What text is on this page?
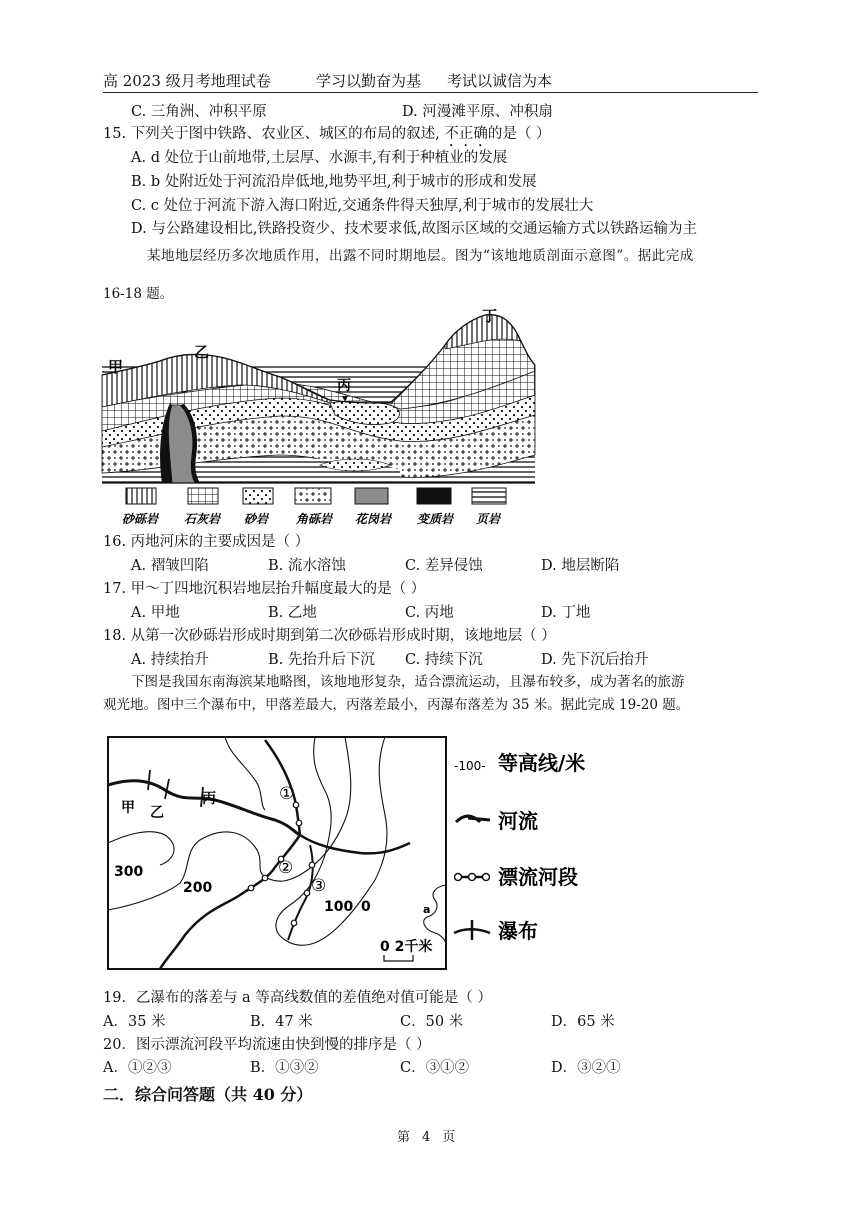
高 2023 级月考地理试卷	学习以勤奋为基 考试以诚信为本
C. 三角洲、冲积平原	D. 河漫滩平原、冲积扇
15. 下列关于图中铁路、农业区、城区的布局的叙述, 不正确的是（ ）
A. d 处位于山前地带,土层厚、水源丰,有利于种植业的发展
B. b 处附近处于河流沿岸低地,地势平坦,利于城市的形成和发展
C. c 处位于河流下游入海口附近,交通条件得天独厚,利于城市的发展壮大
D. 与公路建设相比,铁路投资少、技术要求低,故图示区域的交通运输方式以铁路运输为主
某地地层经历多次地质作用，出露不同时期地层。图为“该地地质剖面示意图”。据此完成
16-18 题。
甲
乙
丙
丁
砂砾岩 石灰岩 砂岩 角砾岩 花岗岩 变质岩 页岩
16. 丙地河床的主要成因是（ ）
A. 褶皱凹陷	B. 流水溶蚀	C. 差异侵蚀	D. 地层断陷
17. 甲～丁四地沉积岩地层抬升幅度最大的是（ ）
A. 甲地	B. 乙地	C. 丙地	D. 丁地
18. 从第一次砂砾岩形成时期到第二次砂砾岩形成时期，该地地层（ ）
A. 持续抬升	B. 先抬升后下沉 C. 持续下沉	D. 先下沉后抬升
下图是我国东南海滨某地略图，该地地形复杂，适合漂流运动，且瀑布较多，成为著名的旅游
观光地。图中三个瀑布中，甲落差最大，丙落差最小，丙瀑布落差为 35 米。据此完成 19-20 题。
甲 乙
丙
300
200
100 0	a
①
②
③
0 2千米
-100- 等高线/米
河流
漂流河段
瀑布
19．乙瀑布的落差与 a 等高线数值的差值绝对值可能是（ ）
A．35 米	B．47 米	C．50 米	D．65 米
20．图示漂流河段平均流速由快到慢的排序是（ ）
A．①②③	B．①③②	C．③①②	D．③②①
二．综合问答题（共 40 分）
第 4 页
